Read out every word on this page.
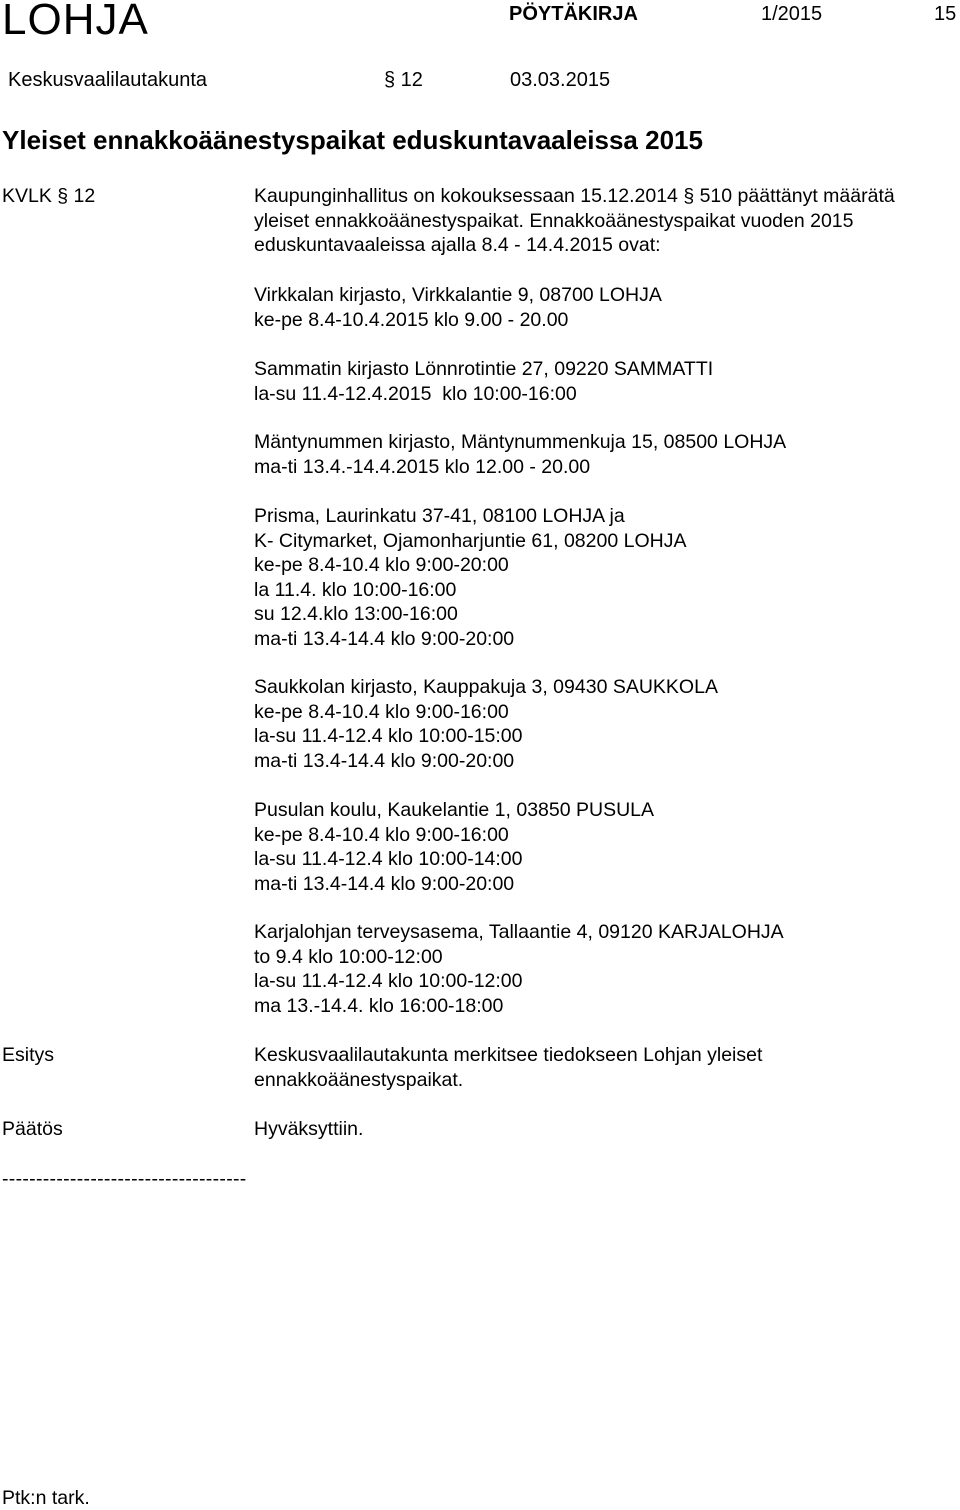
LOHJA	PÖYTÄKIRJA	1/2015	15
Keskusvaalilautakunta	§ 12	03.03.2015
Yleiset ennakkoäänestyspaikat eduskuntavaaleissa 2015
KVLK § 12	Kaupunginhallitus on kokouksessaan 15.12.2014 § 510 päättänyt määrätä
yleiset ennakkoäänestyspaikat. Ennakkoäänestyspaikat vuoden 2015
eduskuntavaaleissa ajalla 8.4 - 14.4.2015 ovat:
Virkkalan kirjasto, Virkkalantie 9, 08700 LOHJA
ke-pe 8.4-10.4.2015 klo 9.00 - 20.00
Sammatin kirjasto Lönnrotintie 27, 09220 SAMMATTI
la-su 11.4-12.4.2015  klo 10:00-16:00
Mäntynummen kirjasto, Mäntynummenkuja 15, 08500 LOHJA
ma-ti 13.4.-14.4.2015 klo 12.00 - 20.00
Prisma, Laurinkatu 37-41, 08100 LOHJA ja
K- Citymarket, Ojamonharjuntie 61, 08200 LOHJA
ke-pe 8.4-10.4 klo 9:00-20:00
la 11.4. klo 10:00-16:00
su 12.4.klo 13:00-16:00
ma-ti 13.4-14.4 klo 9:00-20:00
Saukkolan kirjasto, Kauppakuja 3, 09430 SAUKKOLA
ke-pe 8.4-10.4 klo 9:00-16:00
la-su 11.4-12.4 klo 10:00-15:00
ma-ti 13.4-14.4 klo 9:00-20:00
Pusulan koulu, Kaukelantie 1, 03850 PUSULA
ke-pe 8.4-10.4 klo 9:00-16:00
la-su 11.4-12.4 klo 10:00-14:00
ma-ti 13.4-14.4 klo 9:00-20:00
Karjalohjan terveysasema, Tallaantie 4, 09120 KARJALOHJA
to 9.4 klo 10:00-12:00
la-su 11.4-12.4 klo 10:00-12:00
ma 13.-14.4. klo 16:00-18:00
Esitys	Keskusvaalilautakunta merkitsee tiedokseen Lohjan yleiset
ennakkoäänestyspaikat.
Päätös	Hyväksyttiin.
------------------------------------
Ptk:n tark.
